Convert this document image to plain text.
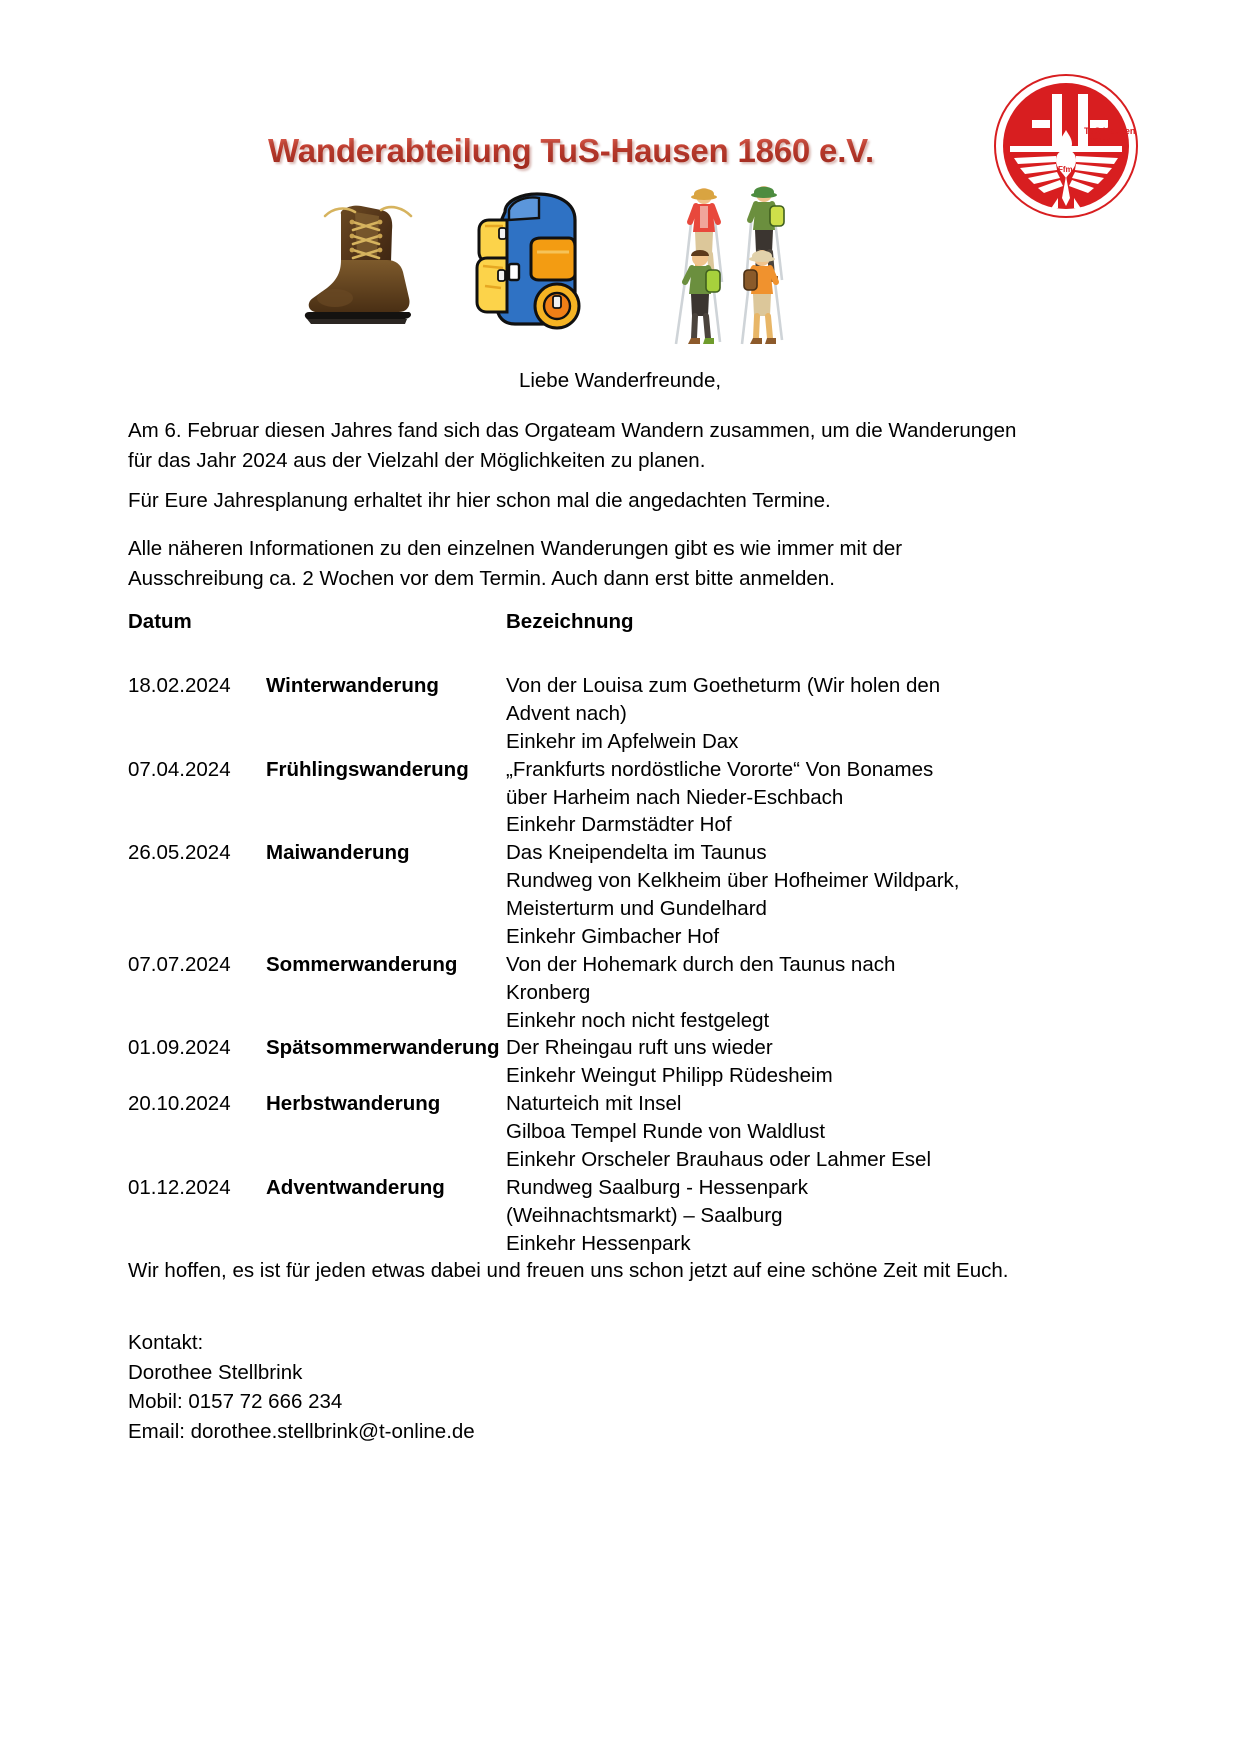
Wanderabteilung TuS-Hausen 1860 e.V.
TuS Hausen
1860 e.V.
Ffm
Liebe Wanderfreunde,
Am 6. Februar diesen Jahres fand sich das Orgateam Wandern zusammen, um die Wanderungen für das Jahr 2024 aus der Vielzahl der Möglichkeiten zu planen.
Für Eure Jahresplanung erhaltet ihr hier schon mal die angedachten Termine.
Alle näheren Informationen zu den einzelnen Wanderungen gibt es wie immer mit der Ausschreibung ca. 2 Wochen vor dem Termin. Auch dann erst bitte anmelden.
Datum		Bezeichnung
18.02.2024	Winterwanderung	Von der Louisa zum Goetheturm (Wir holen den
Advent nach)
Einkehr im Apfelwein Dax

07.04.2024	Frühlingswanderung	„Frankfurts nordöstliche Vororte“ Von Bonames
über Harheim nach Nieder-Eschbach
Einkehr Darmstädter Hof

26.05.2024	Maiwanderung	Das Kneipendelta im Taunus
Rundweg von Kelkheim über Hofheimer Wildpark,
Meisterturm und Gundelhard
Einkehr Gimbacher Hof

07.07.2024	Sommerwanderung	Von der Hohemark durch den Taunus nach
Kronberg
Einkehr noch nicht festgelegt

01.09.2024	Spätsommerwanderung	Der Rheingau ruft uns wieder
Einkehr Weingut Philipp Rüdesheim

20.10.2024	Herbstwanderung	Naturteich mit Insel
Gilboa Tempel Runde von Waldlust
Einkehr Orscheler Brauhaus oder Lahmer Esel

01.12.2024	Adventwanderung	Rundweg Saalburg - Hessenpark
(Weihnachtsmarkt) – Saalburg
Einkehr Hessenpark
Wir hoffen, es ist für jeden etwas dabei und freuen uns schon jetzt auf eine schöne Zeit mit Euch.
Kontakt:
Dorothee Stellbrink
Mobil: 0157 72 666 234
Email: dorothee.stellbrink@t-online.de
